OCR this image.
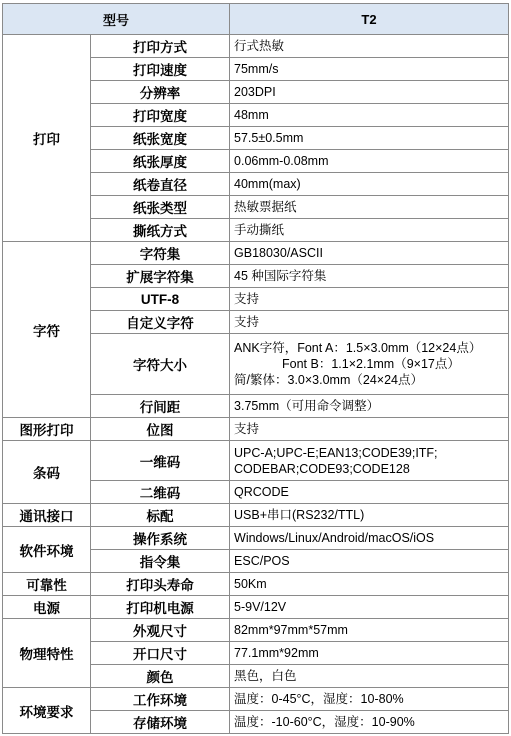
型号		T2
打印	打印方式	行式热敏

	打印速度	75mm/s

	分辨率	203DPI

	打印宽度	48mm

	纸张宽度	57.5±0.5mm

	纸张厚度	0.06mm-0.08mm

	纸卷直径	40mm(max)

	纸张类型	热敏票据纸

	撕纸方式	手动撕纸

字符	字符集	GB18030/ASCII

	扩展字符集	45 种国际字符集

	UTF-8	支持

	自定义字符	支持

	字符大小	ANK字符，Font A：1.5×3.0mm（12×24点）
Font B：1.1×2.1mm（9×17点）
简/繁体：3.0×3.0mm（24×24点）

	行间距	3.75mm（可用命令调整）

图形打印	位图	支持

条码	一维码	UPC-A;UPC-E;EAN13;CODE39;ITF;
CODEBAR;CODE93;CODE128

	二维码	QRCODE

通讯接口	标配	USB+串口(RS232/TTL)

软件环境	操作系统	Windows/Linux/Android/macOS/iOS

	指令集	ESC/POS

可靠性	打印头寿命	50Km

电源	打印机电源	5-9V/12V

物理特性	外观尺寸	82mm*97mm*57mm

	开口尺寸	77.1mm*92mm

	颜色	黑色，白色

环境要求	工作环境	温度：0-45°C，湿度：10-80%

	存储环境	温度：-10-60°C，湿度：10-90%
